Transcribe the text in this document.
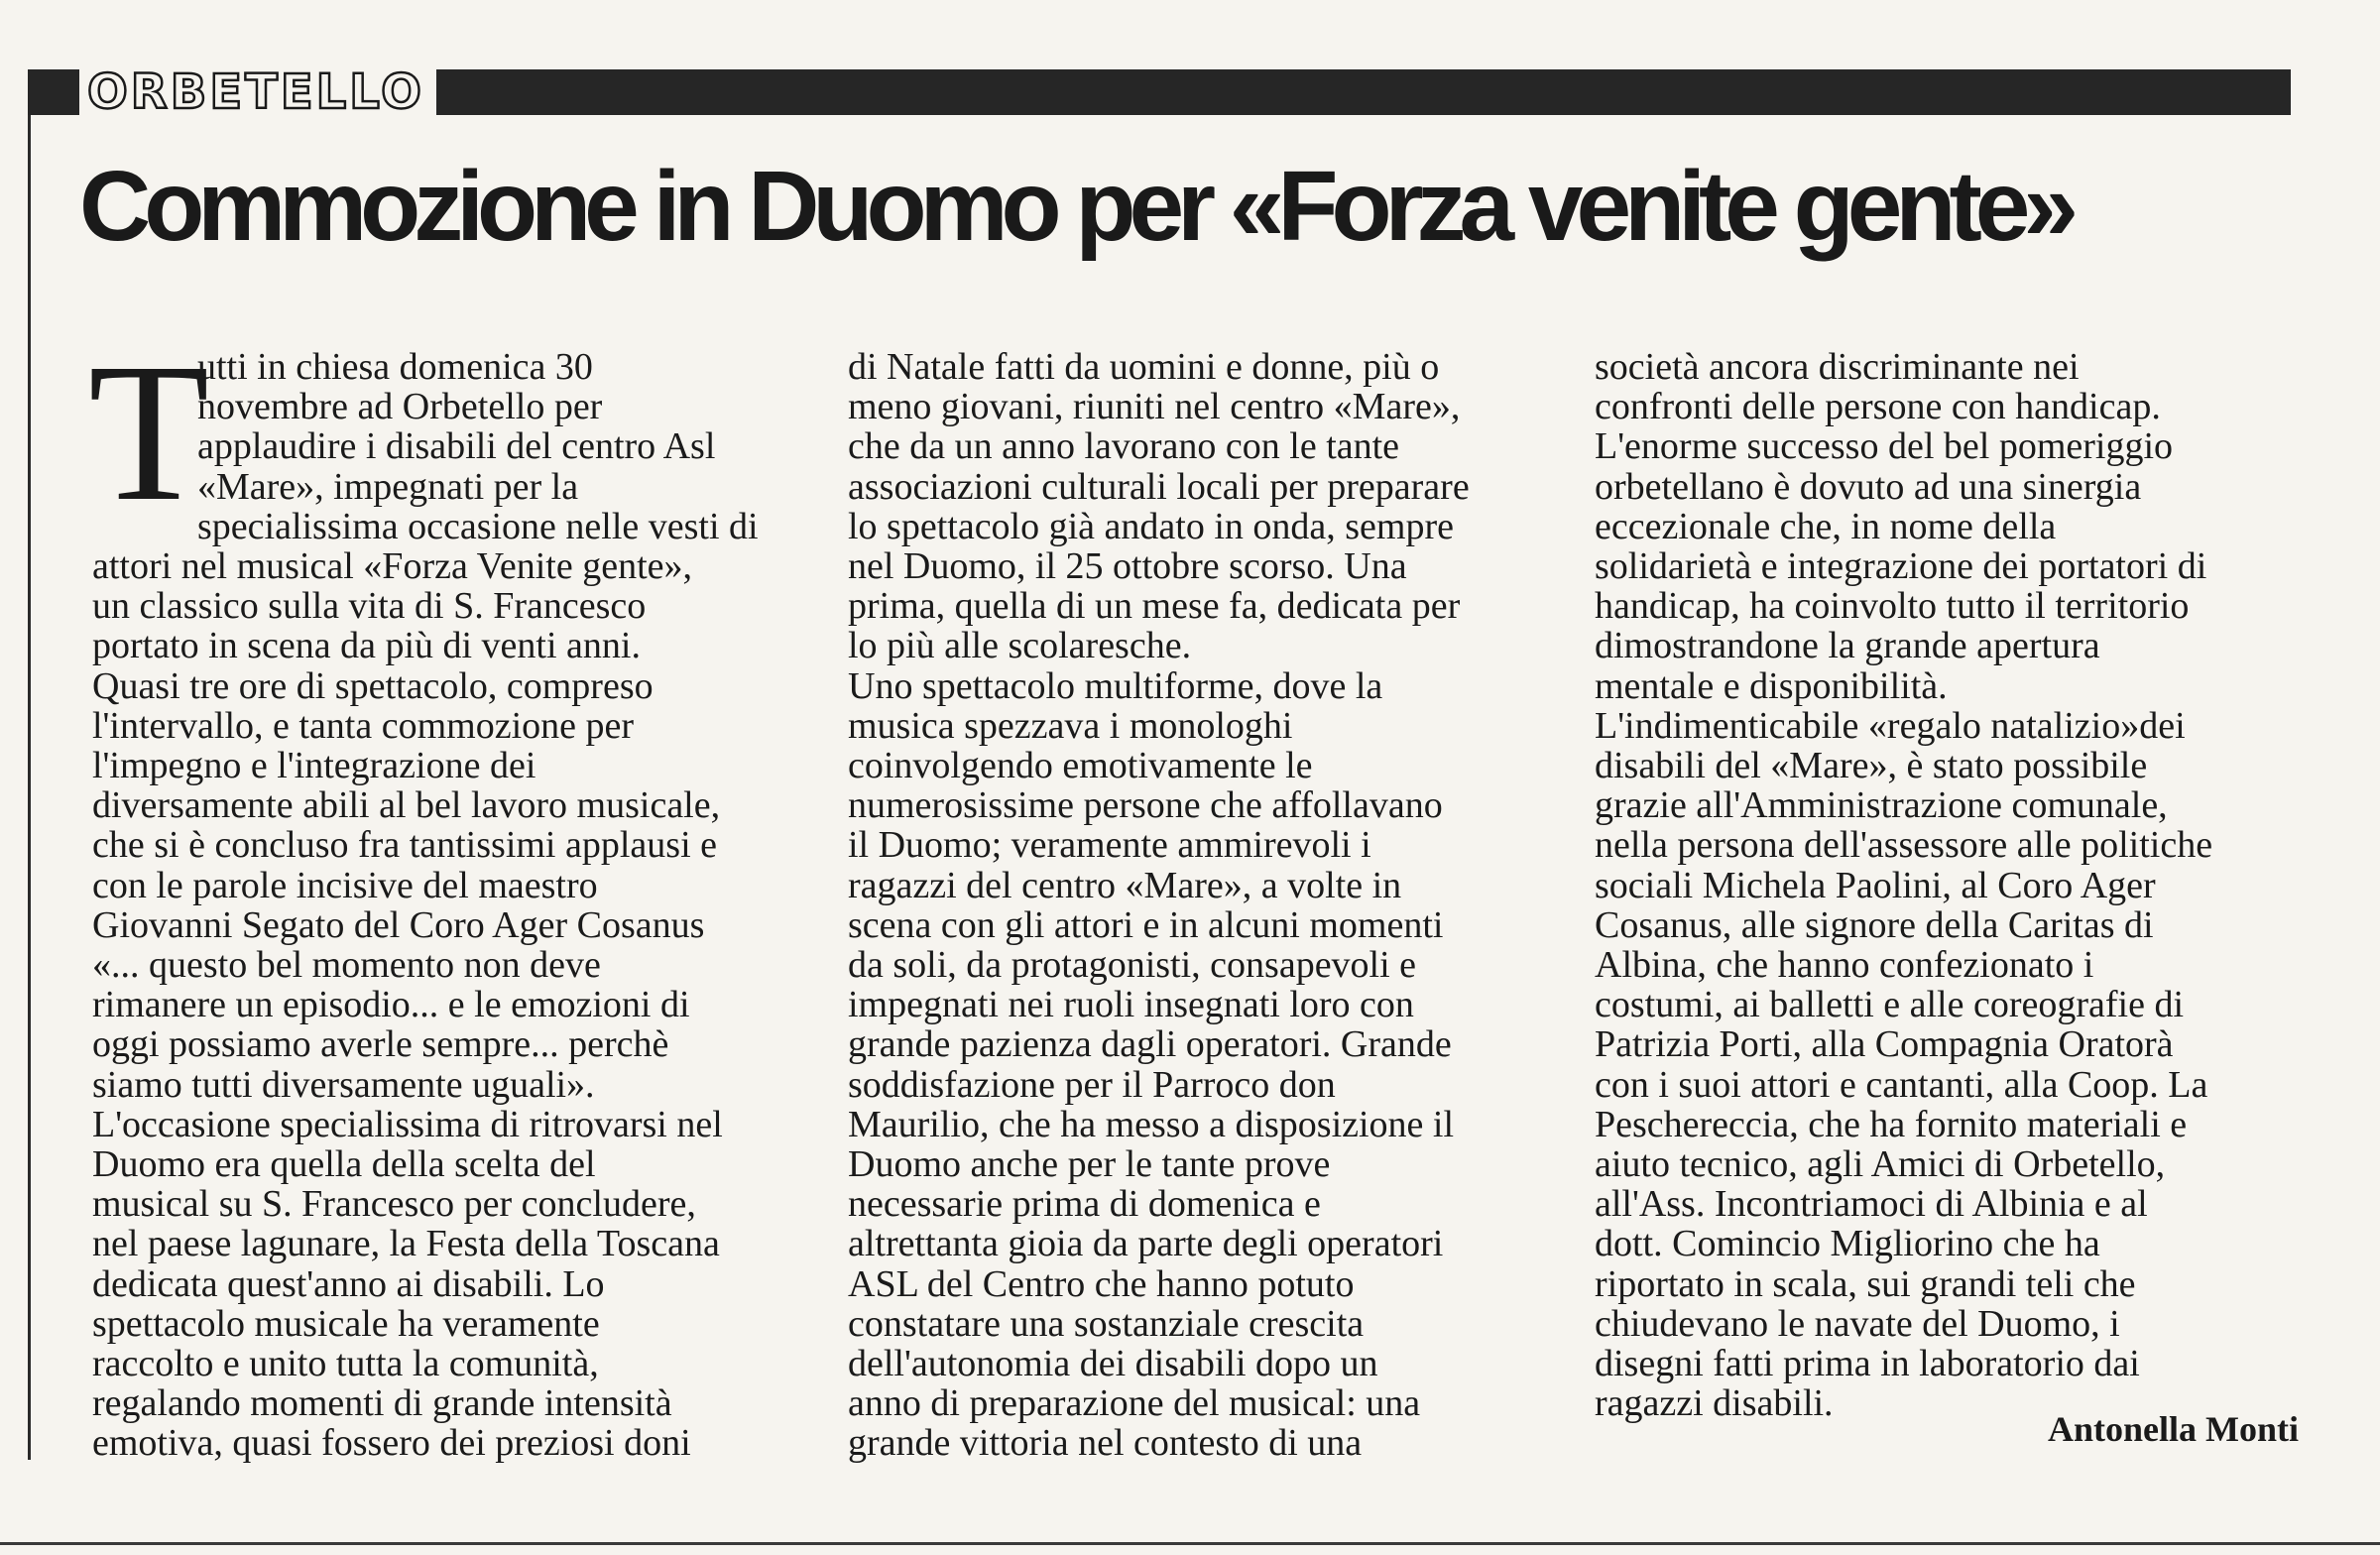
ORBETELLO
Commozione in Duomo per «Forza venite gente»
T

utti in chiesa domenica 30

novembre ad Orbetello per

applaudire i disabili del centro Asl

«Mare», impegnati per la

specialissima occasione nelle vesti di

attori nel musical «Forza Venite gente»,

un classico sulla vita di S. Francesco

portato in scena da più di venti anni.

Quasi tre ore di spettacolo, compreso

l'intervallo, e tanta commozione per

l'impegno e l'integrazione dei

diversamente abili al bel lavoro musicale,

che si è concluso fra tantissimi applausi e

con le parole incisive del maestro

Giovanni Segato del Coro Ager Cosanus

«... questo bel momento non deve

rimanere un episodio... e le emozioni di

oggi possiamo averle sempre... perchè

siamo tutti diversamente uguali».

L'occasione specialissima di ritrovarsi nel

Duomo era quella della scelta del

musical su S. Francesco per concludere,

nel paese lagunare, la Festa della Toscana

dedicata quest'anno ai disabili. Lo

spettacolo musicale ha veramente

raccolto e unito tutta la comunità,

regalando momenti di grande intensità

emotiva, quasi fossero dei preziosi doni

di Natale fatti da uomini e donne, più o

meno giovani, riuniti nel centro «Mare»,

che da un anno lavorano con le tante

associazioni culturali locali per preparare

lo spettacolo già andato in onda, sempre

nel Duomo, il 25 ottobre scorso. Una

prima, quella di un mese fa, dedicata per

lo più alle scolaresche.

Uno spettacolo multiforme, dove la

musica spezzava i monologhi

coinvolgendo emotivamente le

numerosissime persone che affollavano

il Duomo; veramente ammirevoli i

ragazzi del centro «Mare», a volte in

scena con gli attori e in alcuni momenti

da soli, da protagonisti, consapevoli e

impegnati nei ruoli insegnati loro con

grande pazienza dagli operatori. Grande

soddisfazione per il Parroco don

Maurilio, che ha messo a disposizione il

Duomo anche per le tante prove

necessarie prima di domenica e

altrettanta gioia da parte degli operatori

ASL del Centro che hanno potuto

constatare una sostanziale crescita

dell'autonomia dei disabili dopo un

anno di preparazione del musical: una

grande vittoria nel contesto di una

società ancora discriminante nei

confronti delle persone con handicap.

L'enorme successo del bel pomeriggio

orbetellano è dovuto ad una sinergia

eccezionale che, in nome della

solidarietà e integrazione dei portatori di

handicap, ha coinvolto tutto il territorio

dimostrandone la grande apertura

mentale e disponibilità.

L'indimenticabile «regalo natalizio»dei

disabili del «Mare», è stato possibile

grazie all'Amministrazione comunale,

nella persona dell'assessore alle politiche

sociali Michela Paolini, al Coro Ager

Cosanus, alle signore della Caritas di

Albina, che hanno confezionato i

costumi, ai balletti e alle coreografie di

Patrizia Porti, alla Compagnia Oratorà

con i suoi attori e cantanti, alla Coop. La

Peschereccia, che ha fornito materiali e

aiuto tecnico, agli Amici di Orbetello,

all'Ass. Incontriamoci di Albinia e al

dott. Comincio Migliorino che ha

riportato in scala, sui grandi teli che

chiudevano le navate del Duomo, i

disegni fatti prima in laboratorio dai

ragazzi disabili.

Antonella Monti
